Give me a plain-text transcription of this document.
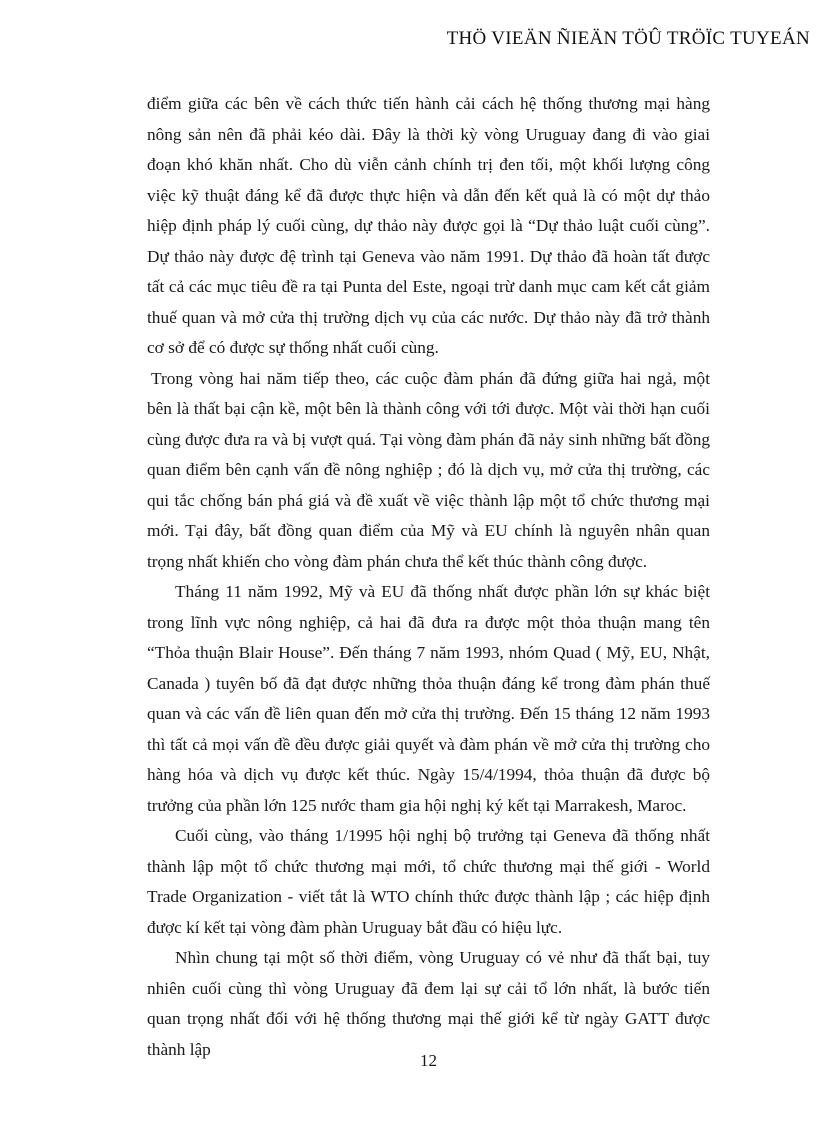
THÖ VIEÄN ÑIEÄN TÖÛ TRÖÏC TUYEÁN

điểm giữa các bên về cách thức tiến hành cải cách hệ thống thương mại hàng nông sản nên đã phải kéo dài. Đây là thời kỳ vòng Uruguay đang đi vào giai đoạn khó khăn nhất. Cho dù viễn cảnh chính trị đen tối, một khối lượng công việc kỹ thuật đáng kể đã được thực hiện và dẫn đến kết quả là có một dự thảo hiệp định pháp lý cuối cùng, dự thảo này được gọi là “Dự thảo luật cuối cùng”. Dự thảo này được đệ trình tại Geneva vào năm 1991. Dự thảo đã hoàn tất được tất cả các mục tiêu đề ra tại Punta del Este, ngoại trừ danh mục cam kết cắt giảm thuế quan và mở cửa thị trường dịch vụ của các nước. Dự thảo này đã trở thành cơ sở để có được sự thống nhất cuối cùng.

Trong vòng hai năm tiếp theo, các cuộc đàm phán đã đứng giữa hai ngả, một bên là thất bại cận kề, một bên là thành công với tới được. Một vài thời hạn cuối cùng được đưa ra và bị vượt quá. Tại vòng đàm phán đã nảy sinh những bất đồng quan điểm bên cạnh vấn đề nông nghiệp ; đó là dịch vụ, mở cửa thị trường, các qui tắc chống bán phá giá và đề xuất về việc thành lập một tổ chức thương mại mới. Tại đây, bất đồng quan điểm của Mỹ và EU chính là nguyên nhân quan trọng nhất khiến cho vòng đàm phán chưa thể kết thúc thành công được.

Tháng 11 năm 1992, Mỹ và EU đã thống nhất được phần lớn sự khác biệt trong lĩnh vực nông nghiệp, cả hai đã đưa ra được một thỏa thuận mang tên “Thỏa thuận Blair House”. Đến tháng 7 năm 1993, nhóm Quad ( Mỹ, EU, Nhật, Canada ) tuyên bố đã đạt được những thỏa thuận đáng kể trong đàm phán thuế quan và các vấn đề liên quan đến mở cửa thị trường. Đến 15 tháng 12 năm 1993 thì tất cả mọi vấn đề đều được giải quyết và đàm phán về mở cửa thị trường cho hàng hóa và dịch vụ được kết thúc. Ngày 15/4/1994, thỏa thuận đã được bộ trưởng của phần lớn 125 nước tham gia hội nghị ký kết tại Marrakesh, Maroc.

Cuối cùng, vào tháng 1/1995 hội nghị bộ trưởng tại Geneva đã thống nhất thành lập một tổ chức thương mại mới, tổ chức thương mại thế giới - World Trade Organization - viết tắt là WTO chính thức được thành lập ; các hiệp định được kí kết tại vòng đàm phàn Uruguay bắt đầu có hiệu lực.

Nhìn chung tại một số thời điểm, vòng Uruguay có vẻ như đã thất bại, tuy nhiên cuối cùng thì vòng Uruguay đã đem lại sự cải tổ lớn nhất, là bước tiến quan trọng nhất đối với hệ thống thương mại thế giới kể từ ngày GATT được thành lập

12
